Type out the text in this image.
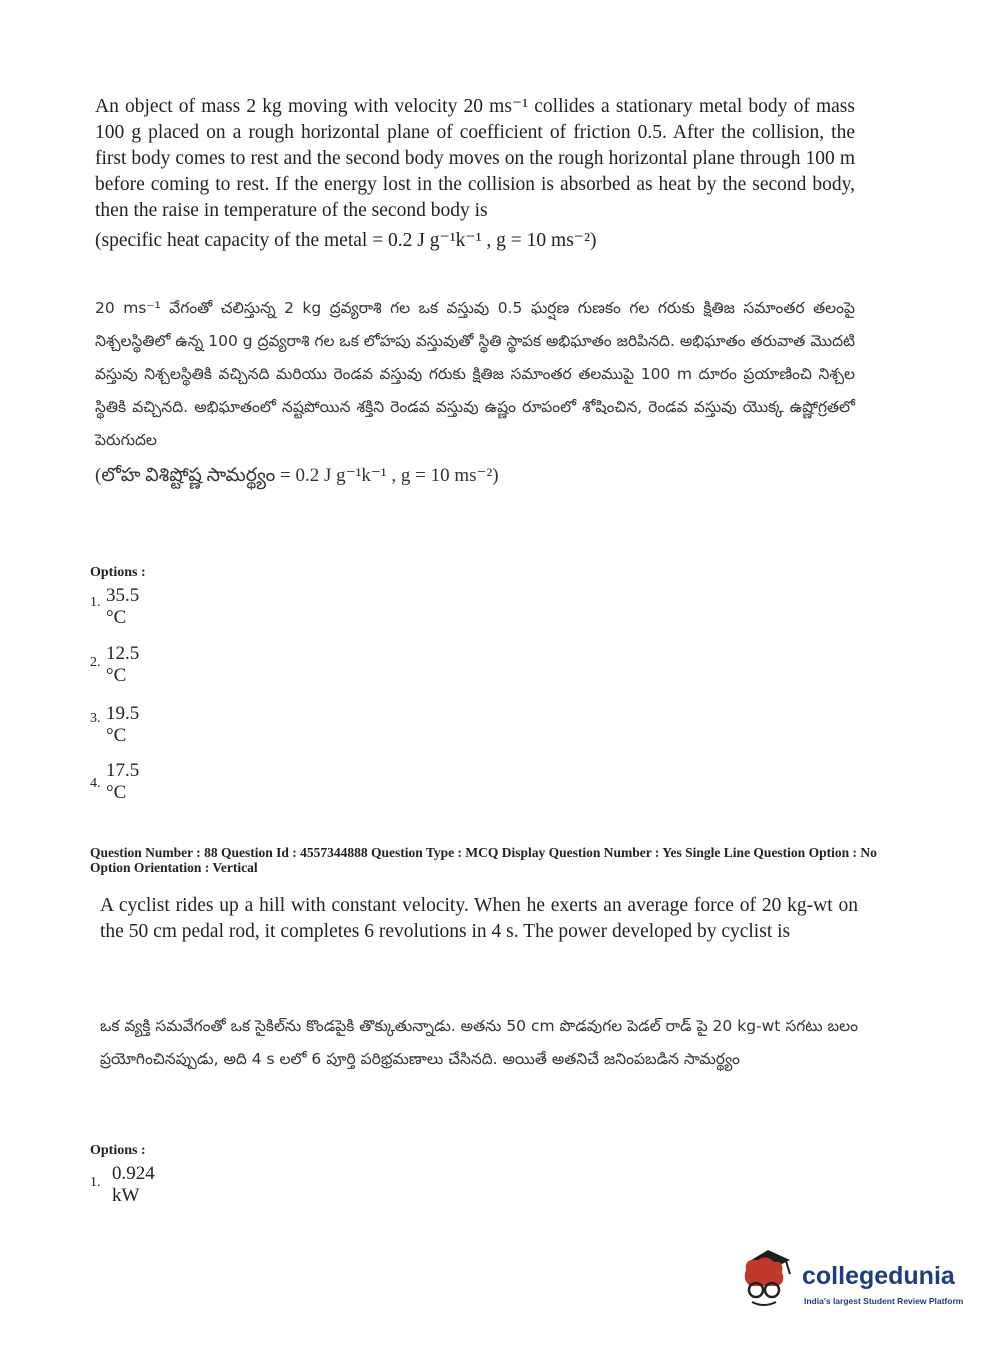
An object of mass 2 kg moving with velocity 20 ms⁻¹ collides a stationary metal body of mass 100 g placed on a rough horizontal plane of coefficient of friction 0.5. After the collision, the first body comes to rest and the second body moves on the rough horizontal plane through 100 m before coming to rest. If the energy lost in the collision is absorbed as heat by the second body, then the raise in temperature of the second body is
(specific heat capacity of the metal = 0.2 J g⁻¹k⁻¹ , g = 10 ms⁻²)
20 ms⁻¹ వేగంతో చలిస్తున్న 2 kg ద్రవ్యరాశి గల ఒక వస్తువు 0.5 ఘర్షణ గుణకం గల గరుకు క్షితిజ సమాంతర తలంపై నిశ్చలస్థితిలో ఉన్న 100 g ద్రవ్యరాశి గల ఒక లోహపు వస్తువుతో స్థితి స్థాపక అభిఘాతం జరిపినది. అభిఘాతం తరువాత మొదటి వస్తువు నిశ్చలస్థితికి వచ్చినది మరియు రెండవ వస్తువు గరుకు క్షితిజ సమాంతర తలముపై 100 m దూరం ప్రయాణించి నిశ్చల స్థితికి వచ్చినది. అభిఘాతంలో నష్టపోయిన శక్తిని రెండవ వస్తువు ఉష్ణం రూపంలో శోషించిన, రెండవ వస్తువు యొక్క ఉష్ణోగ్రతలో పెరుగుదల
(లోహ విశిష్టోష్ణ సామర్థ్యం = 0.2 J g⁻¹k⁻¹ , g = 10 ms⁻²)
Options :
1. 35.5 °C
2. 12.5 °C
3. 19.5 °C
4.
17.5 °C
Question Number : 88 Question Id : 4557344888 Question Type : MCQ Display Question Number : Yes Single Line Question Option : No Option Orientation : Vertical
A cyclist rides up a hill with constant velocity. When he exerts an average force of 20 kg-wt on the 50 cm pedal rod, it completes 6 revolutions in 4 s. The power developed by cyclist is
ఒక వ్యక్తి సమవేగంతో ఒక సైకిల్‌ను కొండపైకి తొక్కుతున్నాడు. అతను 50 cm పొడవుగల పెడల్ రాడ్ పై 20 kg-wt సగటు బలం ప్రయోగించినప్పుడు, అది 4 s లలో 6 పూర్తి పరిభ్రమణాలు చేసినది. అయితే అతనిచే జనింపబడిన సామర్థ్యం
Options :
1. 0.924 kW
collegedunia
India's largest Student Review Platform
